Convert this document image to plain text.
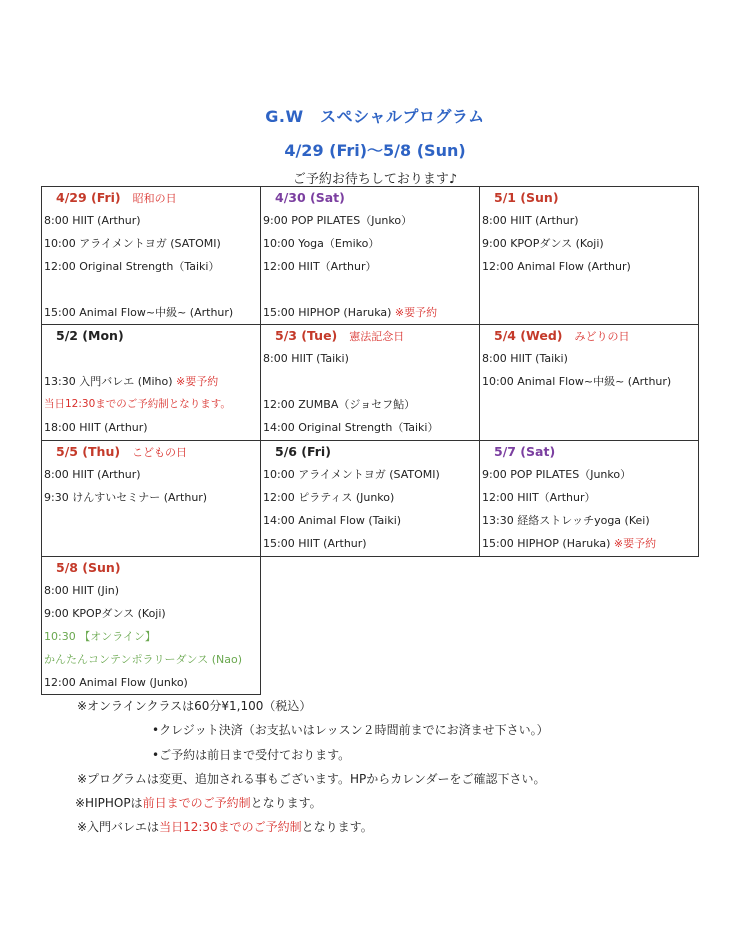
G.W　スペシャルプログラム
4/29 (Fri)〜5/8 (Sun)
ご予約お待ちしております♪
4/29 (Fri) 昭和の日
8:00 HIIT (Arthur)
10:00 アライメントヨガ (SATOMI)
12:00 Original Strength（Taiki）
15:00 Animal Flow~中級~ (Arthur)
4/30 (Sat)
9:00 POP PILATES（Junko）
10:00 Yoga（Emiko）
12:00 HIIT（Arthur）
15:00 HIPHOP (Haruka) ※要予約
5/1 (Sun)
8:00 HIIT (Arthur)
9:00 KPOPダンス (Koji)
12:00 Animal Flow (Arthur)
5/2 (Mon)
13:30 入門バレエ (Miho) ※要予約
当日12:30までのご予約制となります。
18:00 HIIT (Arthur)
5/3 (Tue) 憲法記念日
8:00 HIIT (Taiki)
12:00 ZUMBA（ジョセフ鮎）
14:00 Original Strength（Taiki）
5/4 (Wed) みどりの日
8:00 HIIT (Taiki)
10:00 Animal Flow~中級~ (Arthur)
5/5 (Thu) こどもの日
8:00 HIIT (Arthur)
9:30 けんすいセミナー (Arthur)
5/6 (Fri)
10:00 アライメントヨガ (SATOMI)
12:00 ピラティス (Junko)
14:00 Animal Flow (Taiki)
15:00 HIIT (Arthur)
5/7 (Sat)
9:00 POP PILATES（Junko）
12:00 HIIT（Arthur）
13:30 経絡ストレッチyoga (Kei)
15:00 HIPHOP (Haruka) ※要予約
5/8 (Sun)
8:00 HIIT (Jin)
9:00 KPOPダンス (Koji)
10:30 【オンライン】
かんたんコンテンポラリーダンス (Nao)
12:00 Animal Flow (Junko)
※オンラインクラスは60分¥1,100（税込）
•クレジット決済（お支払いはレッスン２時間前までにお済ませ下さい。）
•ご予約は前日まで受付ております。
※プログラムは変更、追加される事もございます。HPからカレンダーをご確認下さい。
※HIPHOPは前日までのご予約制となります。
※入門バレエは当日12:30までのご予約制となります。
